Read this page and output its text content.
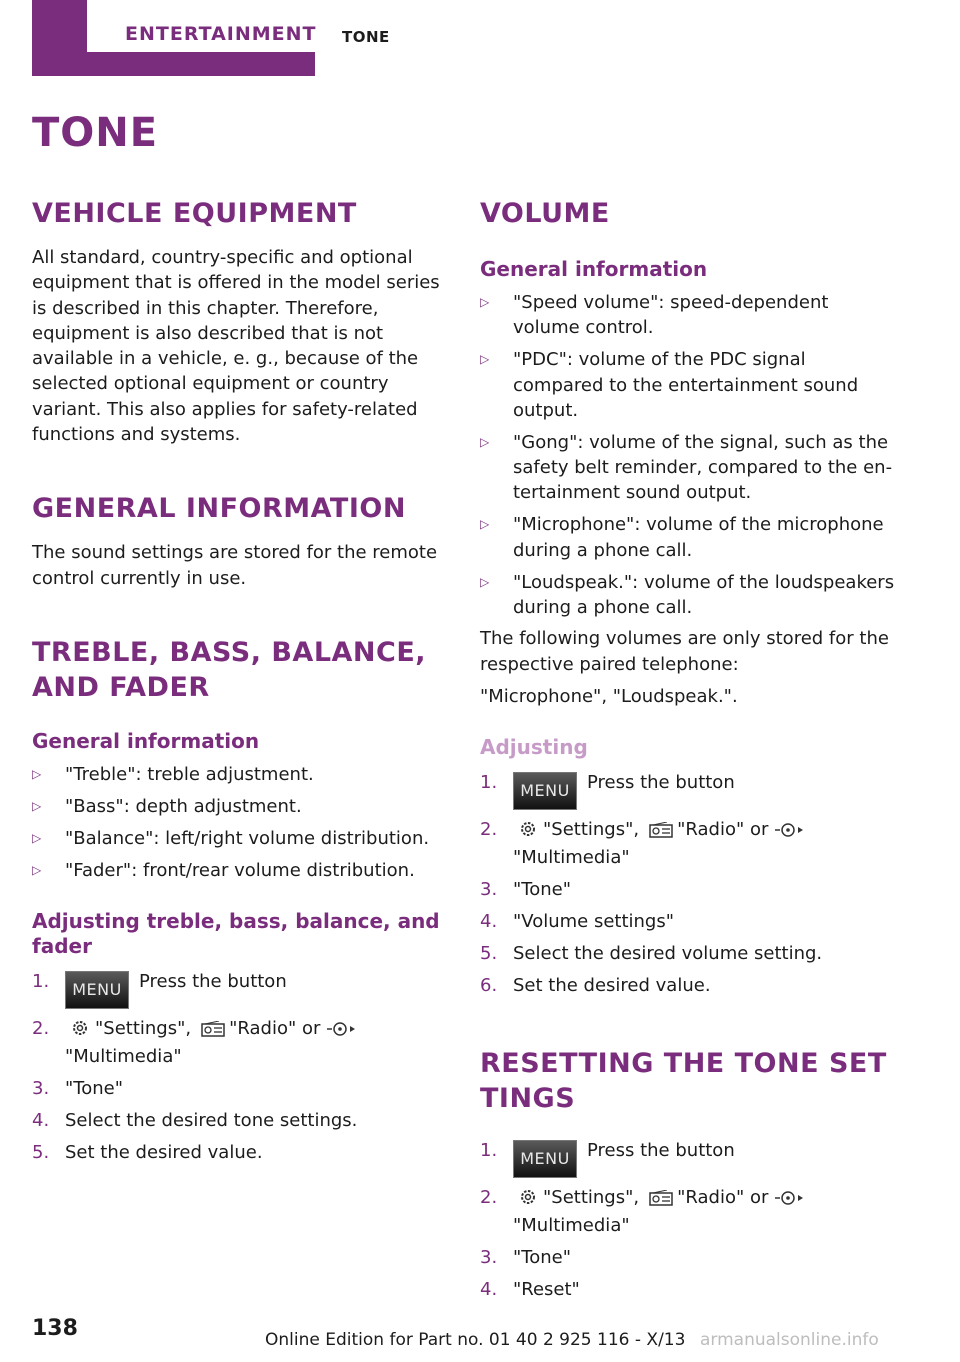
ENTERTAINMENT	TONE
TONE
VEHICLE EQUIPMENT

All standard, country-specific and optional equipment that is offered in the model series is described in this chapter. Therefore, equipment is also described that is not available in a vehicle, e. g., because of the selected optional equipment or country variant. This also applies for safety-related functions and systems.

GENERAL INFORMATION

The sound settings are stored for the remote control currently in use.

TREBLE, BASS, BALANCE, AND FADER
General information
▷ "Treble": treble adjustment.
▷ "Bass": depth adjustment.
▷ "Balance": left/right volume distribution.
▷ "Fader": front/rear volume distribution.
Adjusting treble, bass, balance, and fader
1. MENU Press the button
2.	"Settings", "Radio" or
"Multimedia"
3. "Tone"
4. Select the desired tone settings.
5. Set the desired value.
VOLUME
General information
▷ "Speed volume": speed-dependent volume control.
▷ "PDC": volume of the PDC signal compared to the entertainment sound output.
▷ "Gong": volume of the signal, such as the safety belt reminder, compared to the entertainment sound output.
▷ "Microphone": volume of the microphone during a phone call.
▷ "Loudspeak.": volume of the loudspeakers during a phone call.

The following volumes are only stored for the respective paired telephone:

"Microphone", "Loudspeak.".

Adjusting
1. MENU Press the button
2.	"Settings", "Radio" or
"Multimedia"
3. "Tone"
4. "Volume settings"
5. Select the desired volume setting.
6. Set the desired value.
RESETTING THE TONE SET
TINGS
1. MENU Press the button
2.	"Settings", "Radio" or
"Multimedia"
3. "Tone"
4. "Reset"
138	Online Edition for Part no. 01 40 2 925 116 - X/13 armanualsonline.info
